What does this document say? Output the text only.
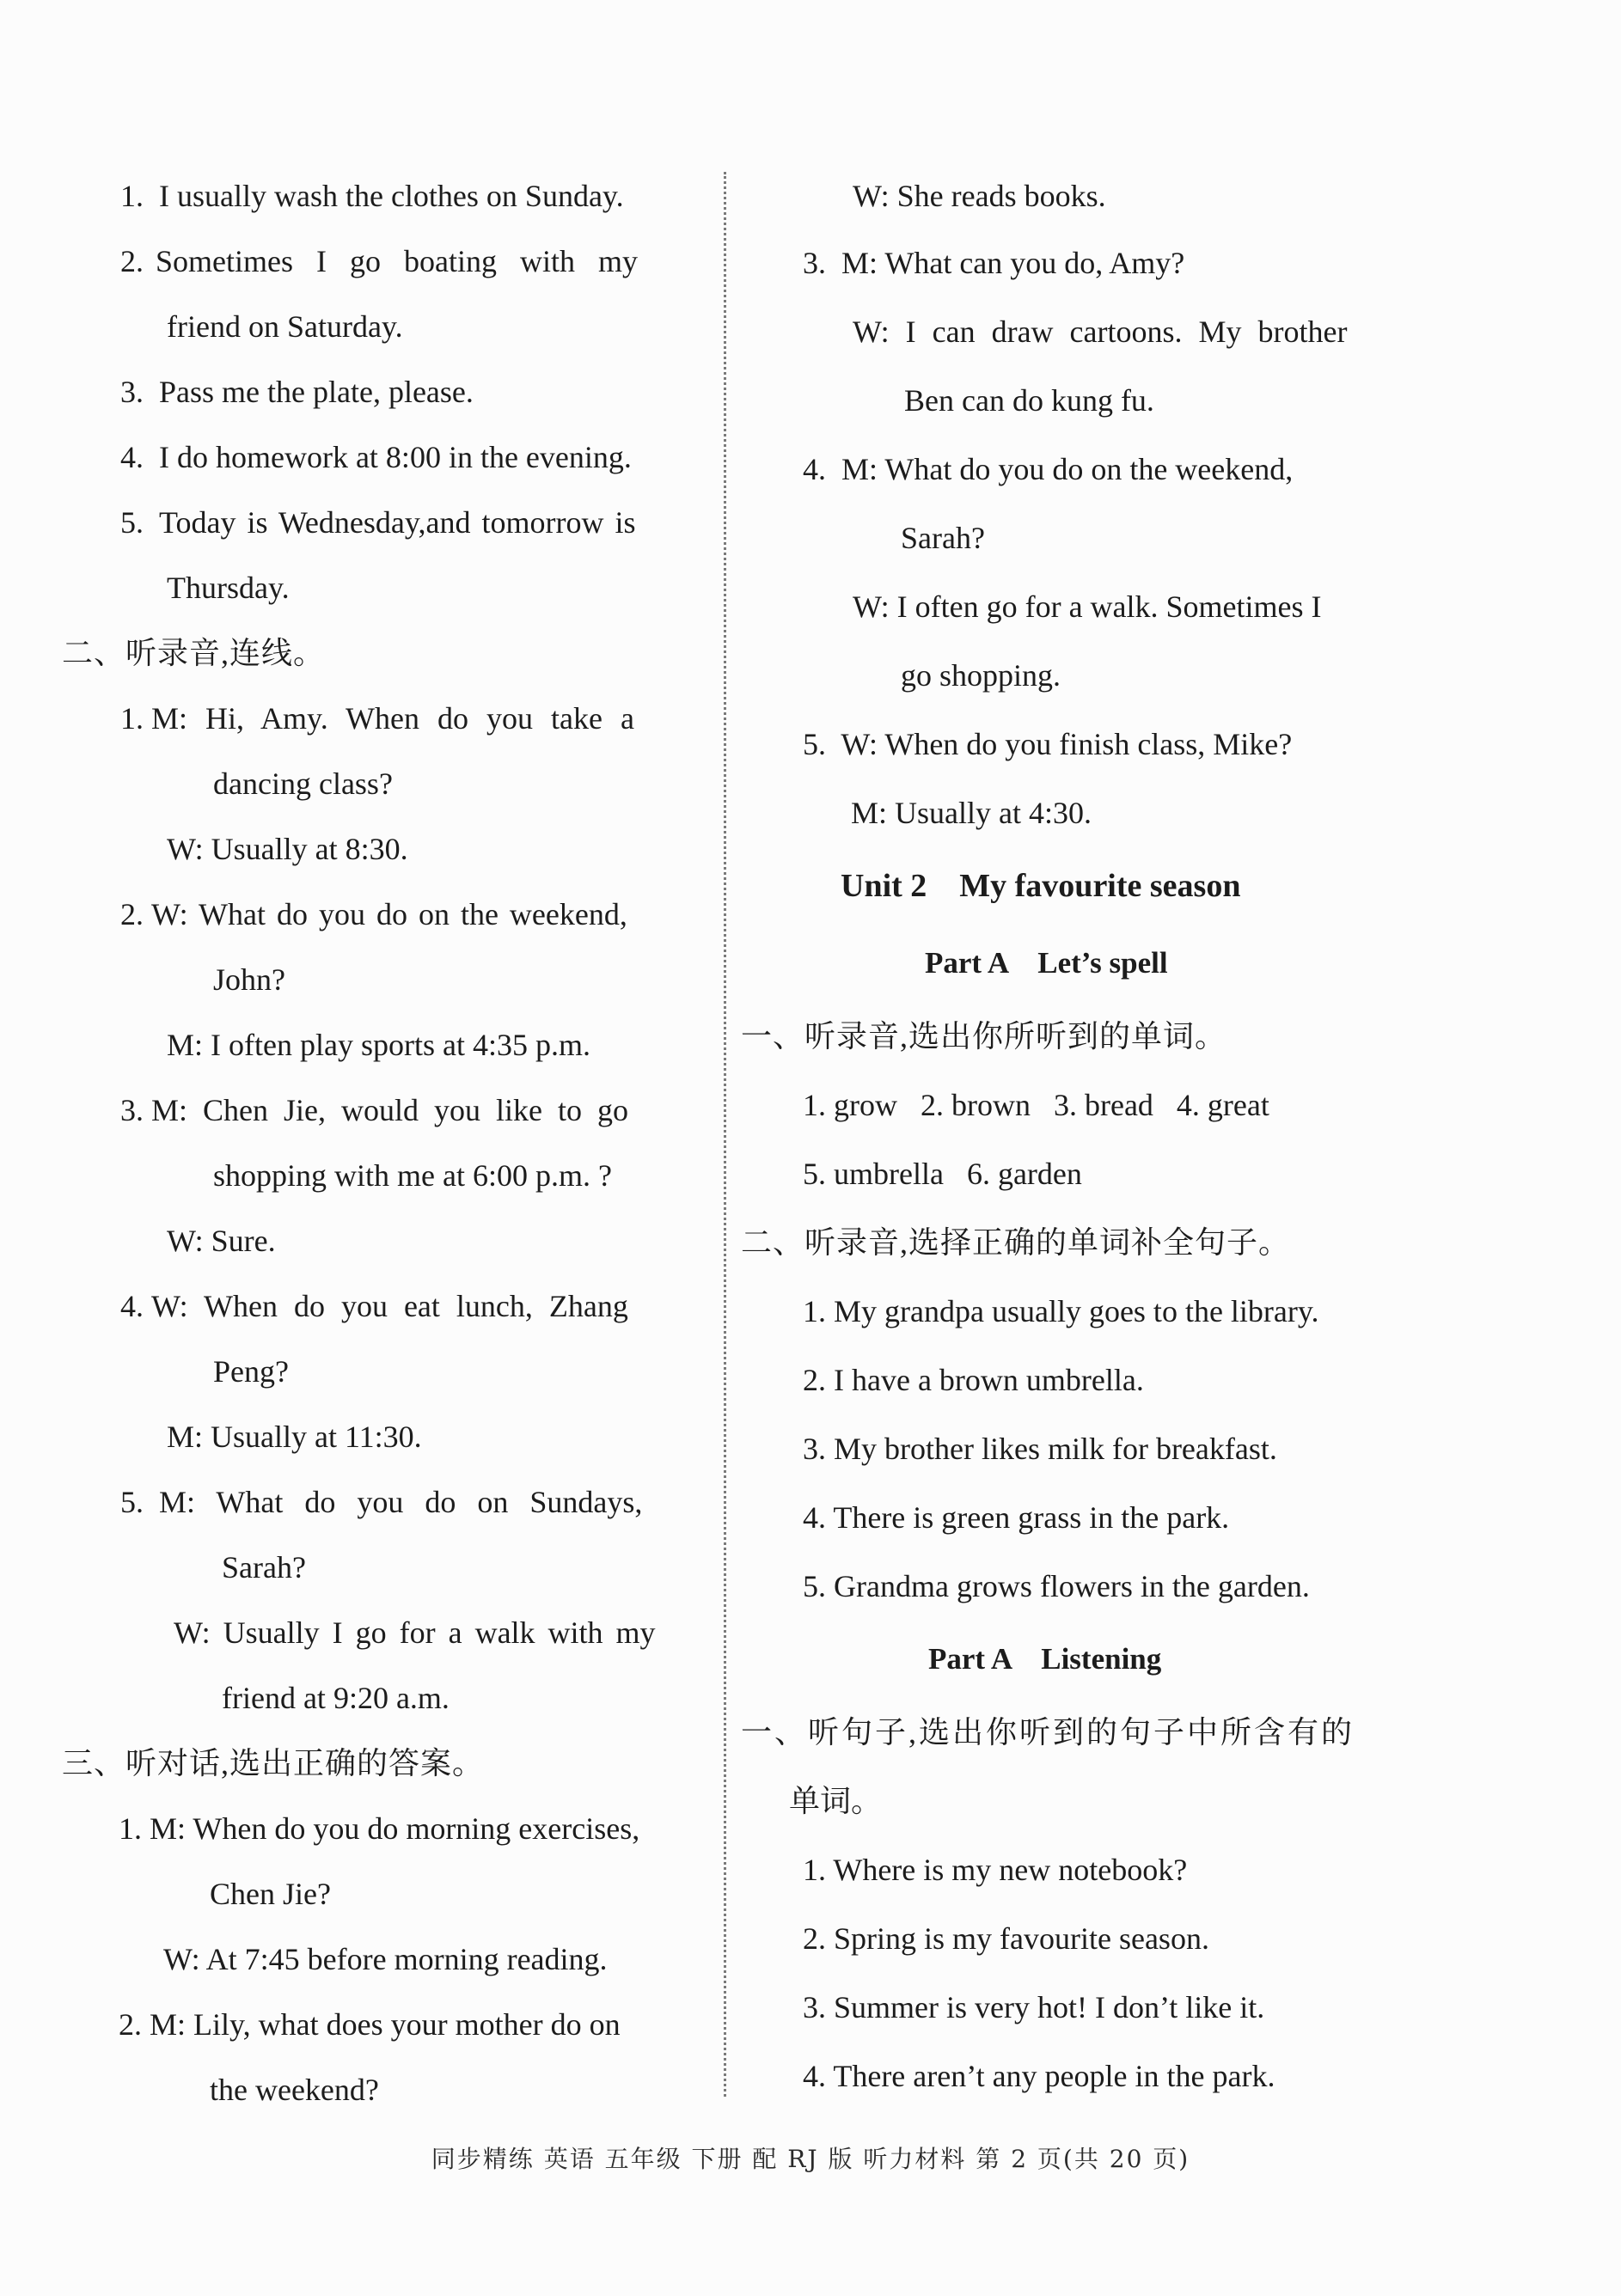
1. I usually wash the clothes on Sunday.
2. Sometimes I go boating with my
friend on Saturday.
3. Pass me the plate, please.
4. I do homework at 8:00 in the evening.
5. Today is Wednesday,and tomorrow is
Thursday.
二、听录音,连线。
1. M: Hi, Amy. When do you take a
dancing class?
W: Usually at 8:30.
2. W: What do you do on the weekend,
John?
M: I often play sports at 4:35 p.m.
3. M: Chen Jie, would you like to go
shopping with me at 6:00 p.m. ?
W: Sure.
4. W: When do you eat lunch, Zhang
Peng?
M: Usually at 11:30.
5. M: What do you do on Sundays,
Sarah?
W: Usually I go for a walk with my
friend at 9:20 a.m.
三、听对话,选出正确的答案。
1. M: When do you do morning exercises,
Chen Jie?
W: At 7:45 before morning reading.
2. M: Lily, what does your mother do on
the weekend?
W: She reads books.
3. M: What can you do, Amy?
W: I can draw cartoons. My brother
Ben can do kung fu.
4. M: What do you do on the weekend,
Sarah?
W: I often go for a walk. Sometimes I
go shopping.
5. W: When do you finish class, Mike?
M: Usually at 4:30.
Unit 2    My favourite season
Part A    Let’s spell
一、听录音,选出你所听到的单词。
1. grow   2. brown   3. bread   4. great
5. umbrella   6. garden
二、听录音,选择正确的单词补全句子。
1. My grandpa usually goes to the library.
2. I have a brown umbrella.
3. My brother likes milk for breakfast.
4. There is green grass in the park.
5. Grandma grows flowers in the garden.
Part A    Listening
一、听句子,选出你听到的句子中所含有的
单词。
1. Where is my new notebook?
2. Spring is my favourite season.
3. Summer is very hot! I don’t like it.
4. There aren’t any people in the park.
同步精练 英语 五年级 下册 配 RJ 版 听力材料 第 2 页(共 20 页)
